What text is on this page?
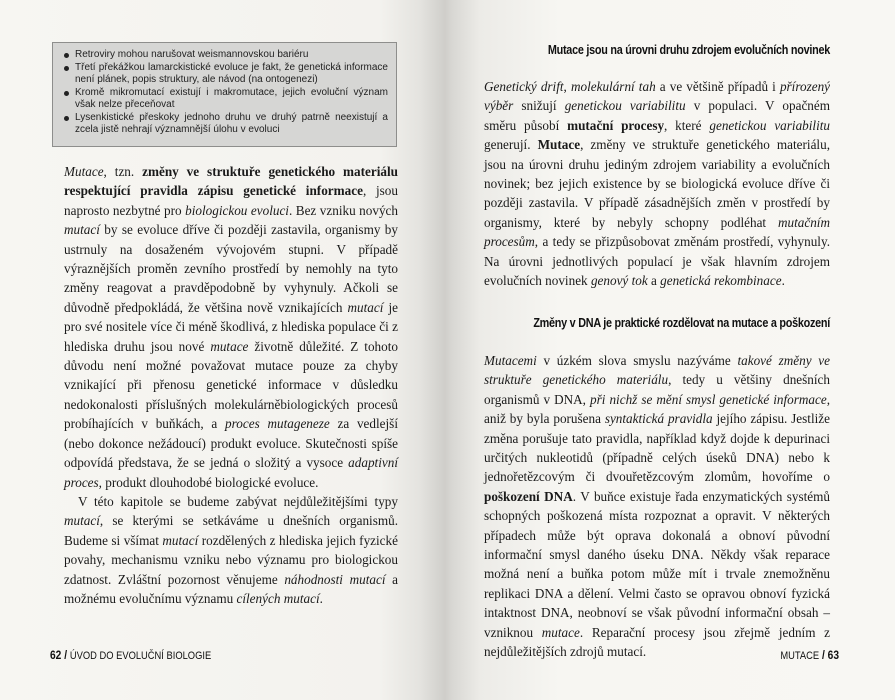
Retroviry mohou narušovat weismannovskou bariéru
Třetí překážkou lamarckistické evoluce je fakt, že genetická informace není plánek, popis struktury, ale návod (na ontogenezi)
Kromě mikromutací existují i makromutace, jejich evoluční význam však nelze přeceňovat
Lysenkistické přeskoky jednoho druhu ve druhý patrně neexistují a zcela jistě nehrají významnější úlohu v evoluci

Mutace, tzn. změny ve struktuře genetického materiálu respektující pravidla zápisu genetické informace, jsou naprosto nezbytné pro biologickou evoluci. Bez vzniku nových mutací by se evoluce dříve či později zastavila, organismy by ustrnuly na dosaženém vývojovém stupni. V případě výraznějších proměn zevního prostředí by nemohly na tyto změny reagovat a pravděpodobně by vyhynuly. Ačkoli se důvodně předpokládá, že většina nově vznikajících mutací je pro své nositele více či méně škodlivá, z hlediska populace či z hlediska druhu jsou nové mutace životně důležité. Z tohoto důvodu není možné považovat mutace pouze za chyby vznikající při přenosu genetické informace v důsledku nedokonalosti příslušných molekulárněbiologických procesů probíhajících v buňkách, a proces mutageneze za vedlejší (nebo dokonce nežádoucí) produkt evoluce. Skutečnosti spíše odpovídá představa, že se jedná o složitý a vysoce adaptivní proces, produkt dlouhodobé biologické evoluce.

V této kapitole se budeme zabývat nejdůležitějšími typy mutací, se kterými se setkáváme u dnešních organismů. Budeme si všímat mutací rozdělených z hlediska jejich fyzické povahy, mechanismu vzniku nebo významu pro biologickou zdatnost. Zvláštní pozornost věnujeme náhodnosti mutací a možnému evolučnímu významu cílených mutací.

62 / ÚVOD DO EVOLUČNÍ BIOLOGIE
Mutace jsou na úrovni druhu zdrojem evolučních novinek

Genetický drift, molekulární tah a ve většině případů i přírozený výběr snižují genetickou variabilitu v populaci. V opačném směru působí mutační procesy, které genetickou variabilitu generují. Mutace, změny ve struktuře genetického materiálu, jsou na úrovni druhu jediným zdrojem variability a evolučních novinek; bez jejich existence by se biologická evoluce dříve či později zastavila. V případě zásadnějších změn v prostředí by organismy, které by nebyly schopny podléhat mutačním procesům, a tedy se přizpůsobovat změnám prostředí, vyhynuly. Na úrovni jednotlivých populací je však hlavním zdrojem evolučních novinek genový tok a genetická rekombinace.

Změny v DNA je praktické rozdělovat na mutace a poškození

Mutacemi v úzkém slova smyslu nazýváme takové změny ve struktuře genetického materiálu, tedy u většiny dnešních organismů v DNA, při nichž se mění smysl genetické informace, aniž by byla porušena syntaktická pravidla jejího zápisu. Jestliže změna porušuje tato pravidla, například když dojde k depurinaci určitých nukleotidů (případně celých úseků DNA) nebo k jednořetězcovým či dvouřetězcovým zlomům, hovoříme o poškození DNA. V buňce existuje řada enzymatických systémů schopných poškozená místa rozpoznat a opravit. V některých případech může být oprava dokonalá a obnoví původní informační smysl daného úseku DNA. Někdy však reparace možná není a buňka potom může mít i trvale znemožněnu replikaci DNA a dělení. Velmi často se opravou obnoví fyzická intaktnost DNA, neobnoví se však původní informační obsah – vzniknou mutace. Reparační procesy jsou zřejmě jedním z nejdůležitějších zdrojů mutací.	MUTACE / 63
